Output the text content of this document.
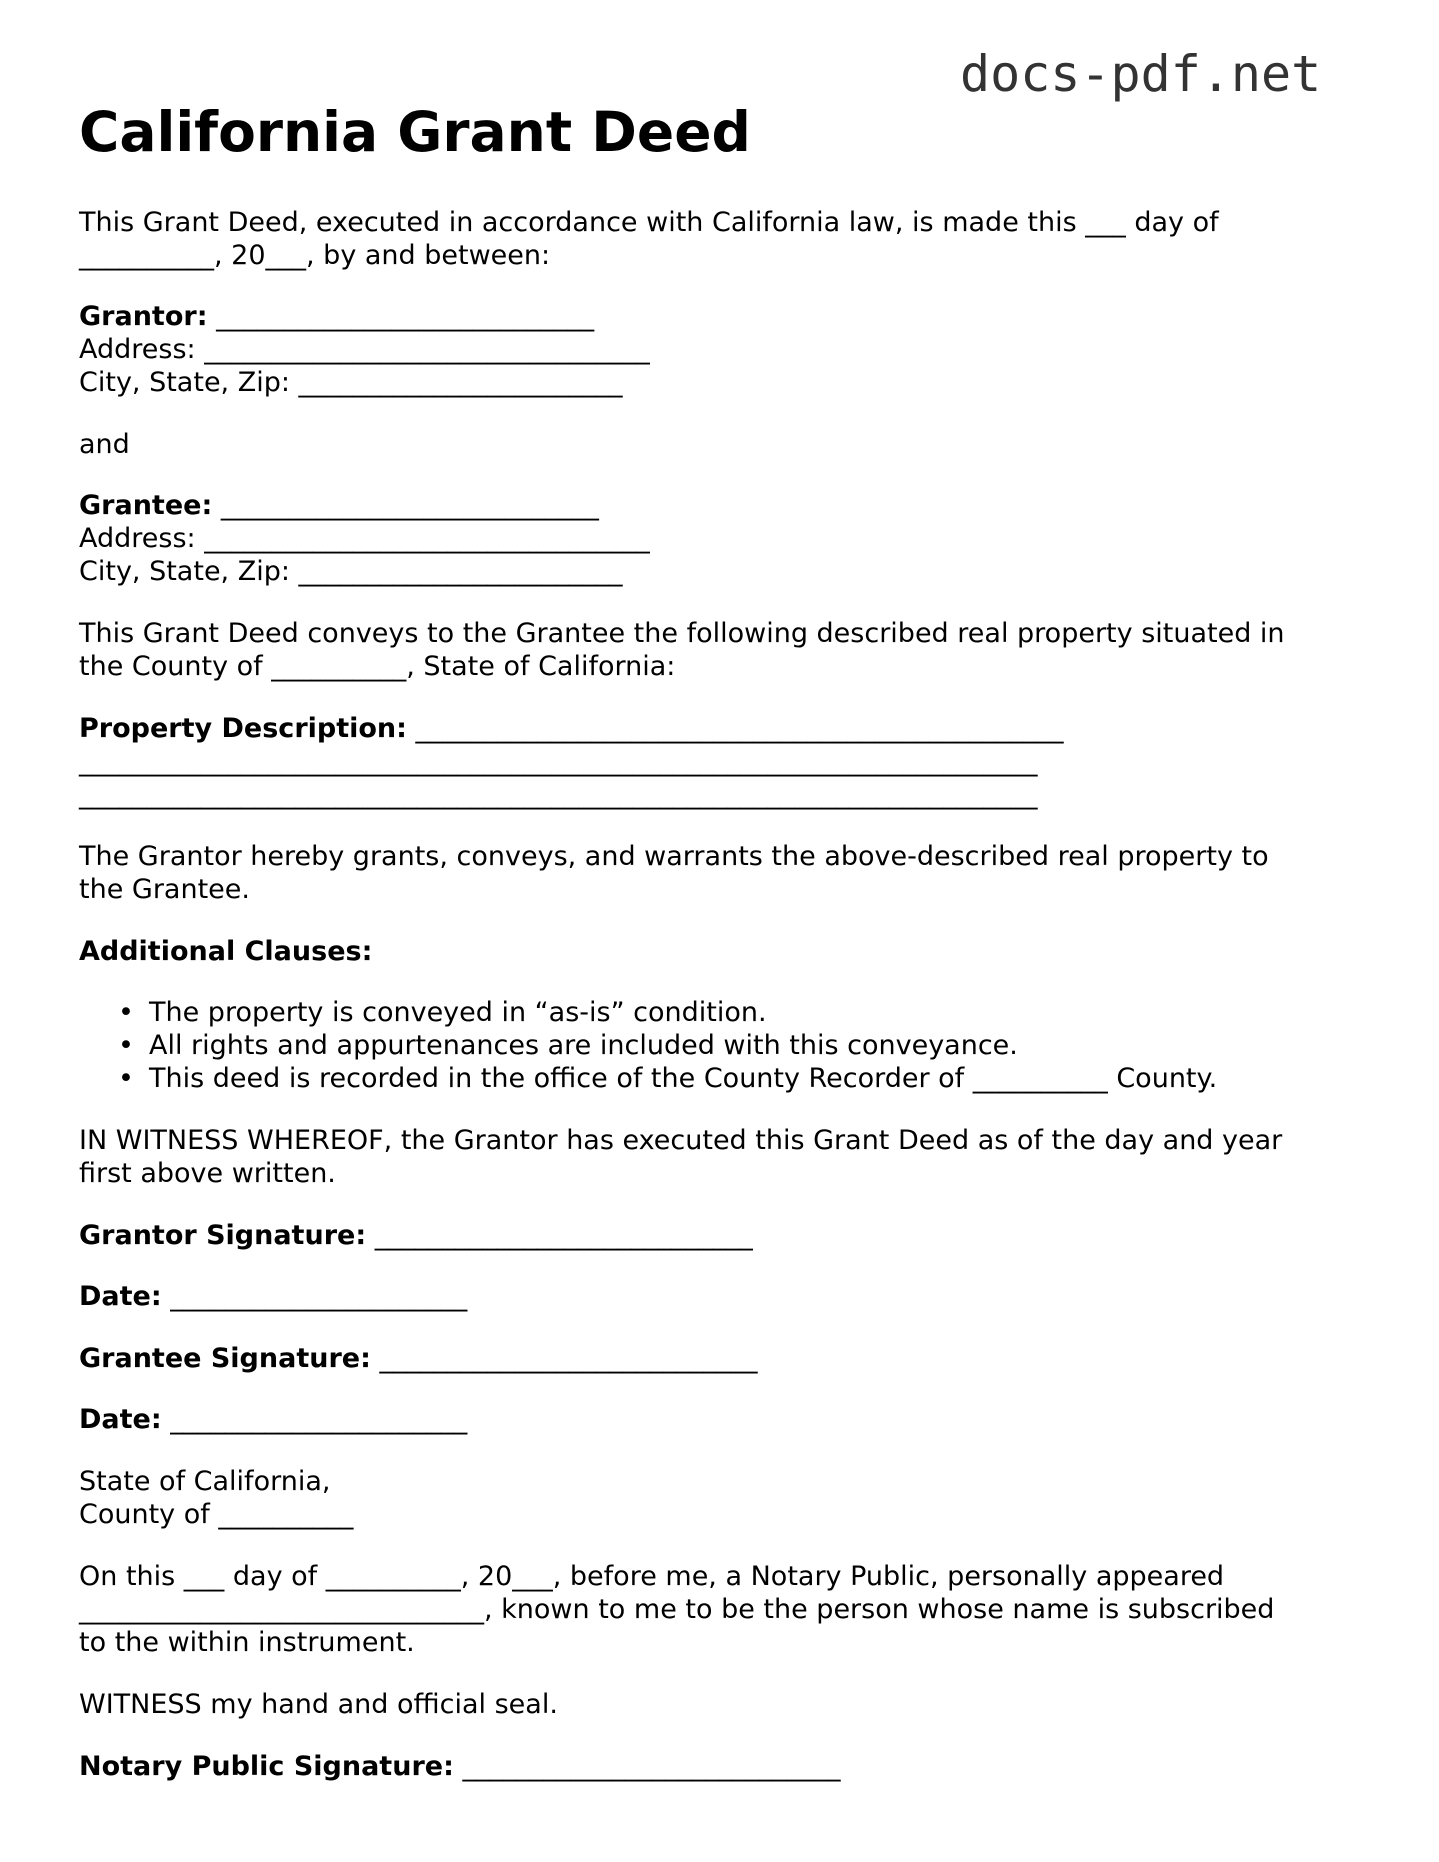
docs-pdf.net
California Grant Deed
This Grant Deed, executed in accordance with California law, is made this ___ day of
__________, 20___, by and between:
Grantor: ____________________________
Address: _________________________________
City, State, Zip: ________________________
and
Grantee: ____________________________
Address: _________________________________
City, State, Zip: ________________________
This Grant Deed conveys to the Grantee the following described real property situated in
the County of __________, State of California:
Property Description: ________________________________________________
_______________________________________________________________________
_______________________________________________________________________
The Grantor hereby grants, conveys, and warrants the above-described real property to
the Grantee.
Additional Clauses:
• The property is conveyed in “as-is” condition.
• All rights and appurtenances are included with this conveyance.
• This deed is recorded in the office of the County Recorder of __________ County.
IN WITNESS WHEREOF, the Grantor has executed this Grant Deed as of the day and year
first above written.
Grantor Signature: ____________________________
Date: ______________________
Grantee Signature: ____________________________
Date: ______________________
State of California,
County of __________
On this ___ day of __________, 20___, before me, a Notary Public, personally appeared
______________________________, known to me to be the person whose name is subscribed
to the within instrument.
WITNESS my hand and official seal.
Notary Public Signature: ____________________________
